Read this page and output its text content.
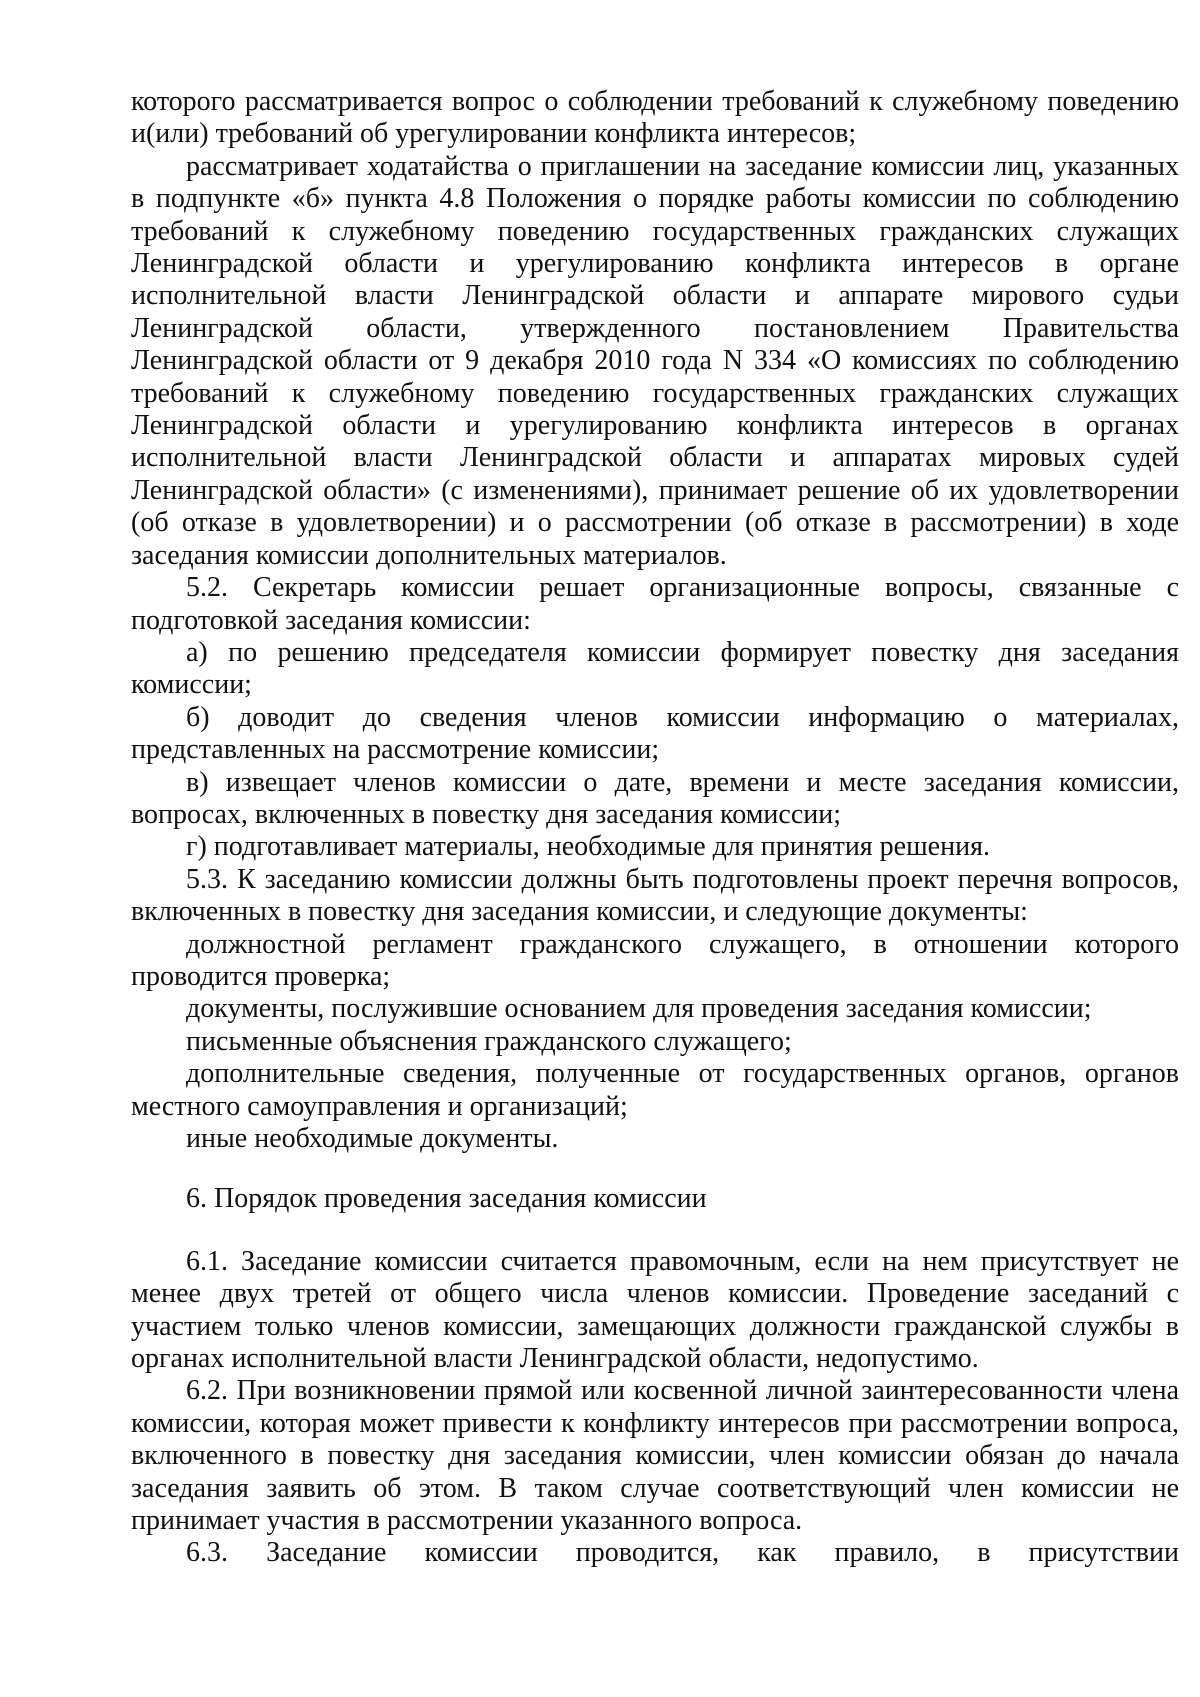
которого рассматривается вопрос о соблюдении требований к служебному поведению и(или) требований об урегулировании конфликта интересов;

рассматривает ходатайства о приглашении на заседание комиссии лиц, указанных в подпункте «б» пункта 4.8 Положения о порядке работы комиссии по соблюдению требований к служебному поведению государственных гражданских служащих Ленинградской области и урегулированию конфликта интересов в органе исполнительной власти Ленинградской области и аппарате мирового судьи Ленинградской области, утвержденного постановлением Правительства Ленинградской области от 9 декабря 2010 года N 334 «О комиссиях по соблюдению требований к служебному поведению государственных гражданских служащих Ленинградской области и урегулированию конфликта интересов в органах исполнительной власти Ленинградской области и аппаратах мировых судей Ленинградской области» (с изменениями), принимает решение об их удовлетворении (об отказе в удовлетворении) и о рассмотрении (об отказе в рассмотрении) в ходе заседания комиссии дополнительных материалов.

5.2. Секретарь комиссии решает организационные вопросы, связанные с подготовкой заседания комиссии:

а) по решению председателя комиссии формирует повестку дня заседания комиссии;

б) доводит до сведения членов комиссии информацию о материалах, представленных на рассмотрение комиссии;

в) извещает членов комиссии о дате, времени и месте заседания комиссии, вопросах, включенных в повестку дня заседания комиссии;

г) подготавливает материалы, необходимые для принятия решения.

5.3. К заседанию комиссии должны быть подготовлены проект перечня вопросов, включенных в повестку дня заседания комиссии, и следующие документы:

должностной регламент гражданского служащего, в отношении которого проводится проверка;

документы, послужившие основанием для проведения заседания комиссии;

письменные объяснения гражданского служащего;

дополнительные сведения, полученные от государственных органов, органов местного самоуправления и организаций;

иные необходимые документы.

6. Порядок проведения заседания комиссии

6.1. Заседание комиссии считается правомочным, если на нем присутствует не менее двух третей от общего числа членов комиссии. Проведение заседаний с участием только членов комиссии, замещающих должности гражданской службы в органах исполнительной власти Ленинградской области, недопустимо.

6.2. При возникновении прямой или косвенной личной заинтересованности члена комиссии, которая может привести к конфликту интересов при рассмотрении вопроса, включенного в повестку дня заседания комиссии, член комиссии обязан до начала заседания заявить об этом. В таком случае соответствующий член комиссии не принимает участия в рассмотрении указанного вопроса.

6.3. Заседание комиссии проводится, как правило, в присутствии
